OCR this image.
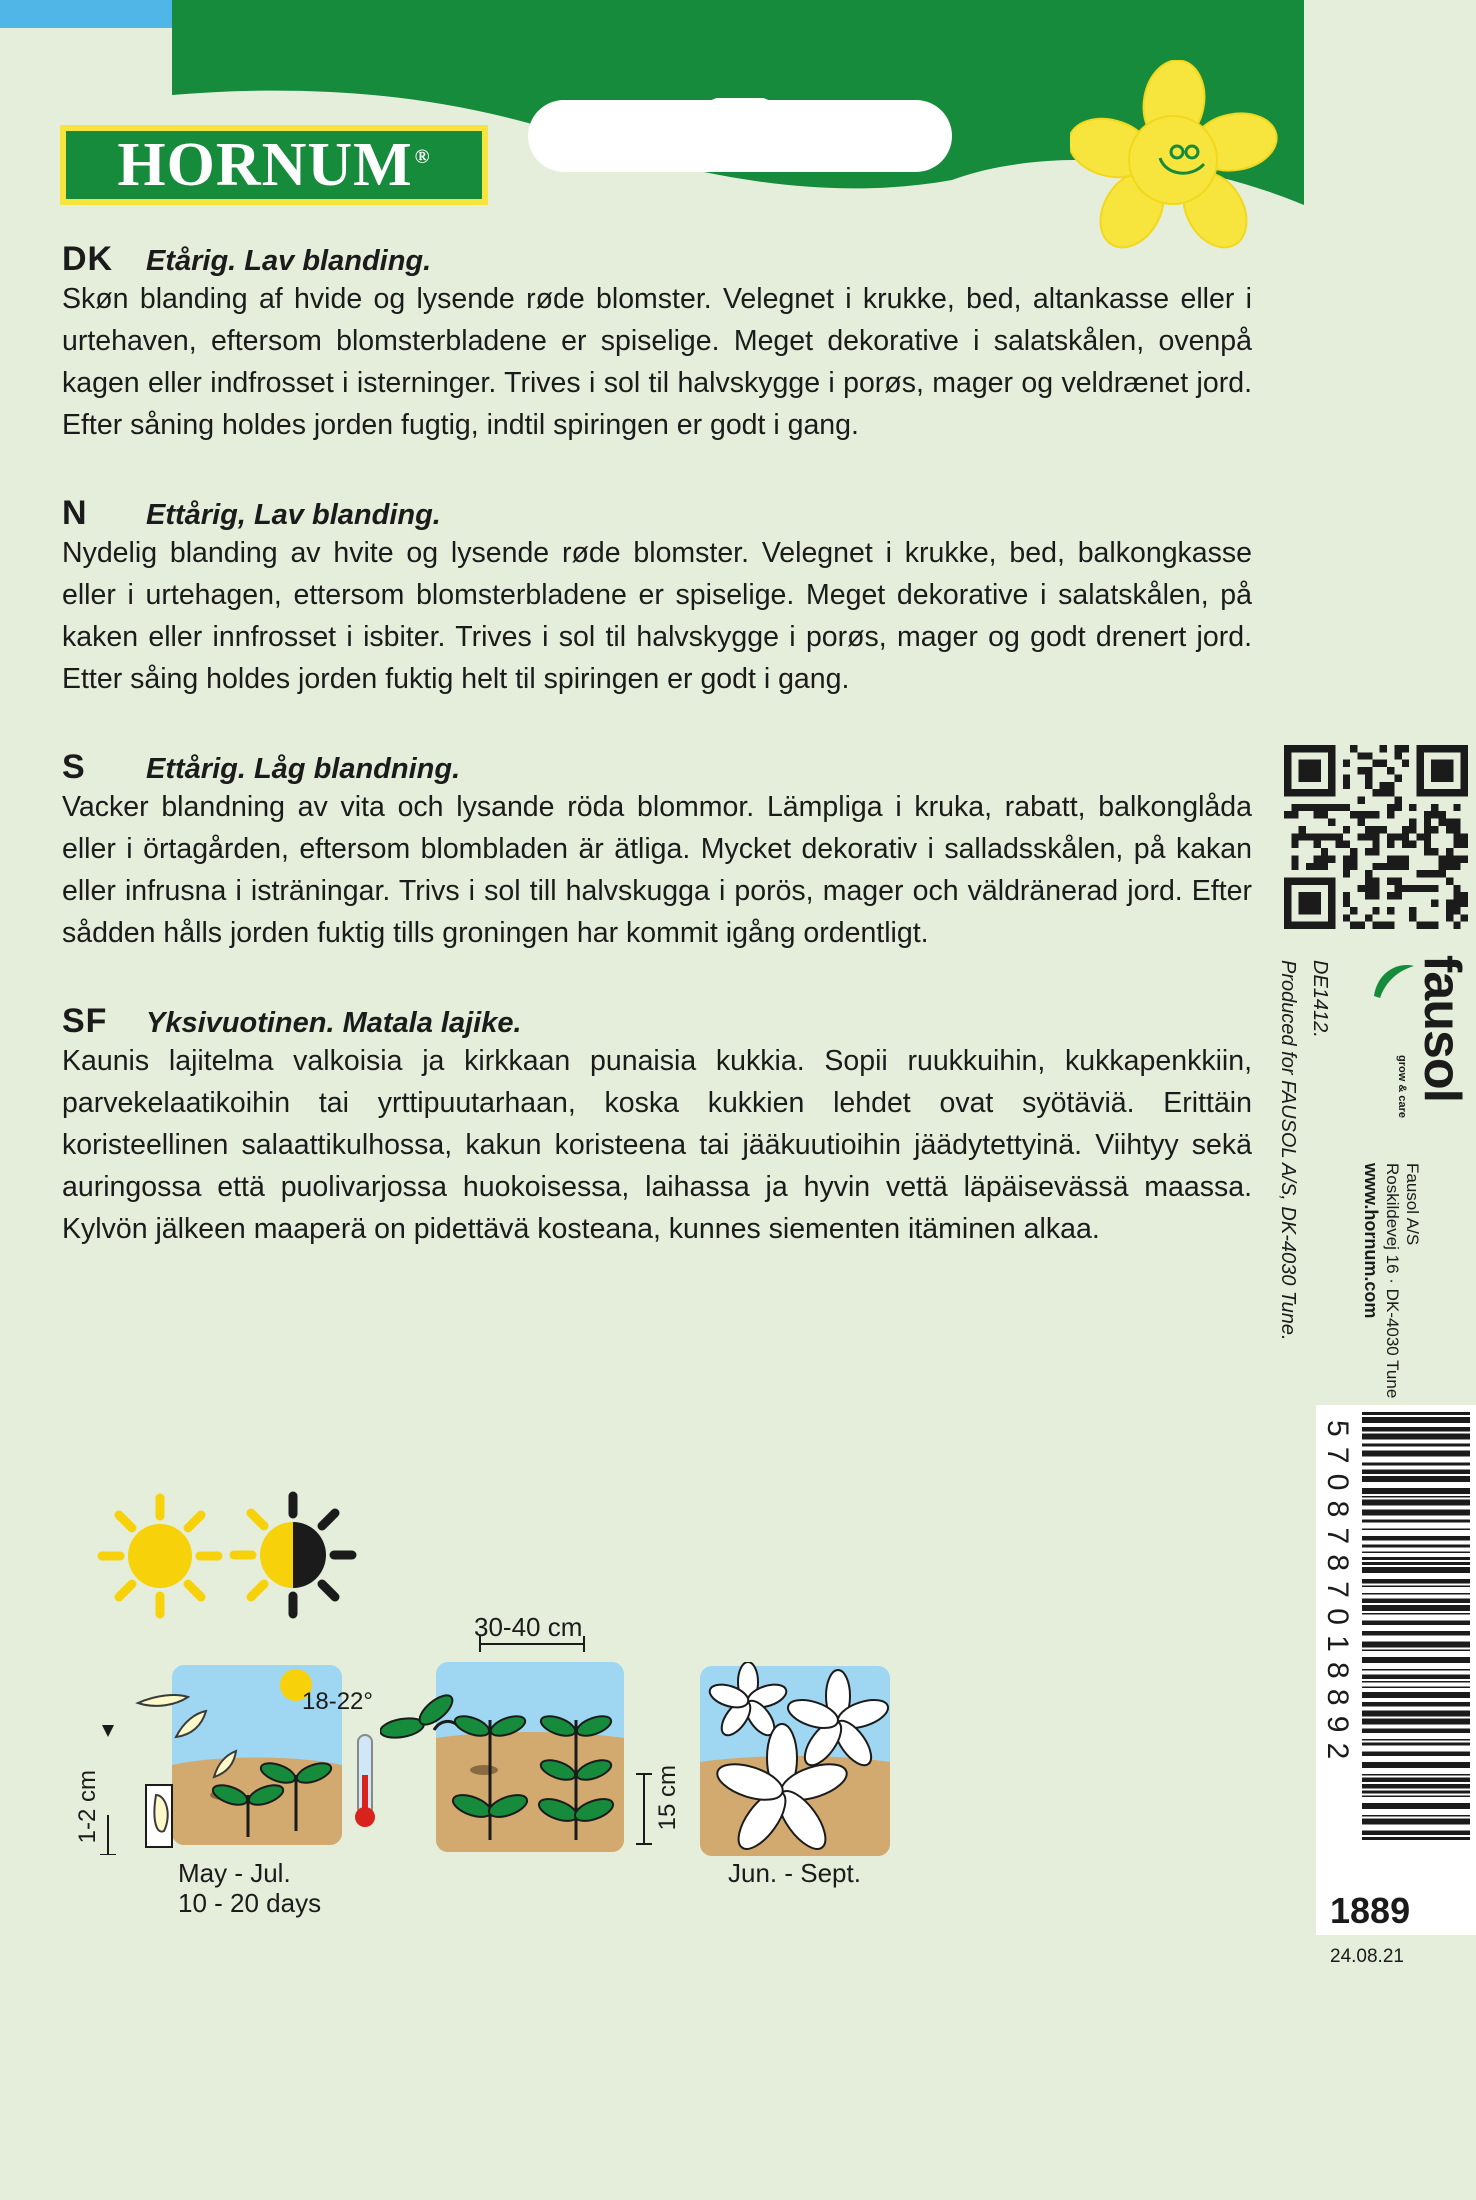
HORNUM®
DK	Etårig. Lav blanding.
Skøn blanding af hvide og lysende røde blomster. Velegnet i krukke, bed, altankasse eller i urtehaven, eftersom blomsterbladene er spiselige. Meget dekorative i salatskålen, ovenpå kagen eller indfrosset i isterninger. Trives i sol til halvskygge i porøs, mager og veldrænet jord. Efter såning holdes jorden fugtig, indtil spiringen er godt i gang.
N	Ettårig, Lav blanding.
Nydelig blanding av hvite og lysende røde blomster. Velegnet i krukke, bed, balkongkasse eller i urtehagen, ettersom blomsterbladene er spiselige. Meget dekorative i salatskålen, på kaken eller innfrosset i isbiter. Trives i sol til halvskygge i porøs, mager og godt drenert jord. Etter såing holdes jorden fuktig helt til spiringen er godt i gang.
S	Ettårig. Låg blandning.
Vacker blandning av vita och lysande röda blommor. Lämpliga i kruka, rabatt, balkonglåda eller i örtagården, eftersom blombladen är ätliga. Mycket dekorativ i salladsskålen, på kakan eller infrusna i isträningar. Trivs i sol till halvskugga i porös, mager och väldränerad jord. Efter sådden hålls jorden fuktig tills groningen har kommit igång ordentligt.
SF	Yksivuotinen. Matala lajike.
Kaunis lajitelma valkoisia ja kirkkaan punaisia kukkia. Sopii ruukkuihin, kukkapenkkiin, parvekelaatikoihin tai yrttipuutarhaan, koska kukkien lehdet ovat syötäviä. Erittäin koristeellinen salaattikulhossa, kakun koristeena tai jääkuutioihin jäädytettyinä. Viihtyy sekä auringossa että puolivarjossa huokoisessa, laihassa ja hyvin vettä läpäisevässä maassa. Kylvön jälkeen maaperä on pidettävä kosteana, kunnes siementen itäminen alkaa.
DE1412.
Produced for FAUSOL A/S, DK-4030 Tune. fausol
grow & care
Fausol A/S
Roskildevej 16 · DK-4030 Tune
www.hornum.com
5708787018892
1889
24.08.21
1-2 cm
18-22°
May - Jul.
10 - 20 days
30-40 cm
15 cm
Jun. - Sept.
